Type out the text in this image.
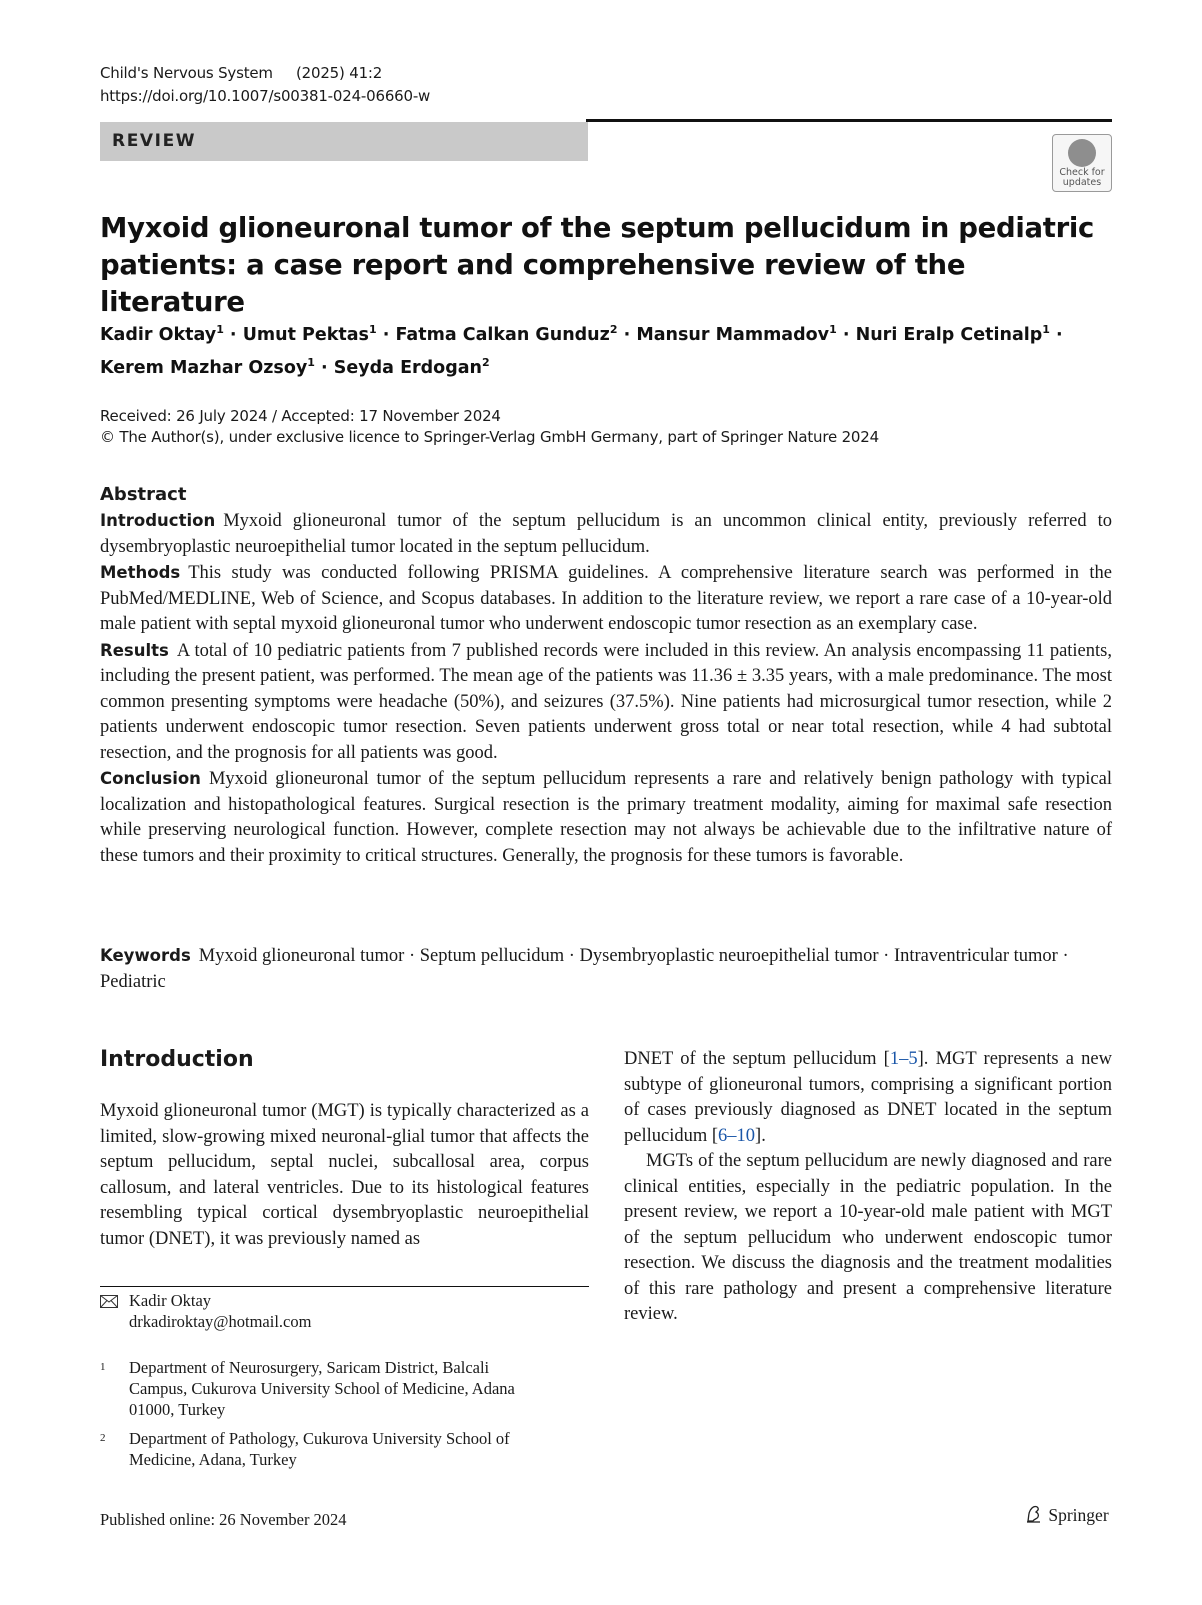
Child's Nervous System (2025) 41:2
https://doi.org/10.1007/s00381-024-06660-w
REVIEW
Check for
updates
Myxoid glioneuronal tumor of the septum pellucidum in pediatric patients: a case report and comprehensive review of the literature
Kadir Oktay$^1$ · Umut Pektas$^1$ · Fatma Calkan Gunduz$^2$ · Mansur Mammadov$^1$ · Nuri Eralp Cetinalp$^1$ ·
Kerem Mazhar Ozsoy$^1$ · Seyda Erdogan$^2$
Received: 26 July 2024 / Accepted: 17 November 2024
© The Author(s), under exclusive licence to Springer-Verlag GmbH Germany, part of Springer Nature 2024
Abstract

Introduction Myxoid glioneuronal tumor of the septum pellucidum is an uncommon clinical entity, previously referred to dysembryoplastic neuroepithelial tumor located in the septum pellucidum.

Methods This study was conducted following PRISMA guidelines. A comprehensive literature search was performed in the PubMed/MEDLINE, Web of Science, and Scopus databases. In addition to the literature review, we report a rare case of a 10-year-old male patient with septal myxoid glioneuronal tumor who underwent endoscopic tumor resection as an exemplary case.

Results A total of 10 pediatric patients from 7 published records were included in this review. An analysis encompassing 11 patients, including the present patient, was performed. The mean age of the patients was 11.36 ± 3.35 years, with a male predominance. The most common presenting symptoms were headache (50%), and seizures (37.5%). Nine patients had microsurgical tumor resection, while 2 patients underwent endoscopic tumor resection. Seven patients underwent gross total or near total resection, while 4 had subtotal resection, and the prognosis for all patients was good.

Conclusion Myxoid glioneuronal tumor of the septum pellucidum represents a rare and relatively benign pathology with typical localization and histopathological features. Surgical resection is the primary treatment modality, aiming for maximal safe resection while preserving neurological function. However, complete resection may not always be achievable due to the infiltrative nature of these tumors and their proximity to critical structures. Generally, the prognosis for these tumors is favorable.

Keywords Myxoid glioneuronal tumor · Septum pellucidum · Dysembryoplastic neuroepithelial tumor · Intraventricular tumor · Pediatric
Introduction
Myxoid glioneuronal tumor (MGT) is typically characterized as a limited, slow-growing mixed neuronal-glial tumor that affects the septum pellucidum, septal nuclei, subcallosal area, corpus callosum, and lateral ventricles. Due to its histological features resembling typical cortical dysembryoplastic neuroepithelial tumor (DNET), it was previously named as

DNET of the septum pellucidum [1–5]. MGT represents a new subtype of glioneuronal tumors, comprising a significant portion of cases previously diagnosed as DNET located in the septum pellucidum [6–10].

MGTs of the septum pellucidum are newly diagnosed and rare clinical entities, especially in the pediatric population. In the present review, we report a 10-year-old male patient with MGT of the septum pellucidum who underwent endoscopic tumor resection. We discuss the diagnosis and the treatment modalities of this rare pathology and present a comprehensive literature review.

Kadir Oktay
drkadiroktay@hotmail.com
1 Department of Neurosurgery, Saricam District, Balcali Campus, Cukurova University School of Medicine, Adana 01000, Turkey
2 Department of Pathology, Cukurova University School of Medicine, Adana, Turkey
Published online: 26 November 2024	Springer
